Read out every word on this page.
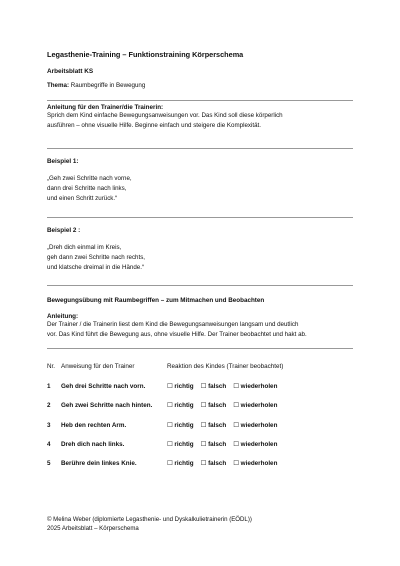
Legasthenie-Training – Funktionstraining Körperschema
Arbeitsblatt KS
Thema: Raumbegriffe in Bewegung
Anleitung für den Trainer/die Trainerin:
Sprich dem Kind einfache Bewegungsanweisungen vor. Das Kind soll diese körperlich
ausführen – ohne visuelle Hilfe. Beginne einfach und steigere die Komplexität.
Beispiel 1:
„Geh zwei Schritte nach vorne,
dann drei Schritte nach links,
und einen Schritt zurück.“
Beispiel 2 :
„Dreh dich einmal im Kreis,
geh dann zwei Schritte nach rechts,
und klatsche dreimal in die Hände.“
Bewegungsübung mit Raumbegriffen – zum Mitmachen und Beobachten
Anleitung:
Der Trainer / die Trainerin liest dem Kind die Bewegungsanweisungen langsam und deutlich
vor. Das Kind führt die Bewegung aus, ohne visuelle Hilfe. Der Trainer beobachtet und hakt ab.
Nr.	Anweisung für den Trainer	Reaktion des Kindes (Trainer beobachtet)		
1	Geh drei Schritte nach vorn.	☐ richtig	☐ falsch	☐ wiederholen
2	Geh zwei Schritte nach hinten.	☐ richtig	☐ falsch	☐ wiederholen
3	Heb den rechten Arm.	☐ richtig	☐ falsch	☐ wiederholen
4	Dreh dich nach links.	☐ richtig	☐ falsch	☐ wiederholen
5	Berühre dein linkes Knie.	☐ richtig	☐ falsch	☐ wiederholen
© Melina Weber (diplomierte Legasthenie- und Dyskalkulietrainerin (EÖDL))
2025 Arbeitsblatt – Körperschema
